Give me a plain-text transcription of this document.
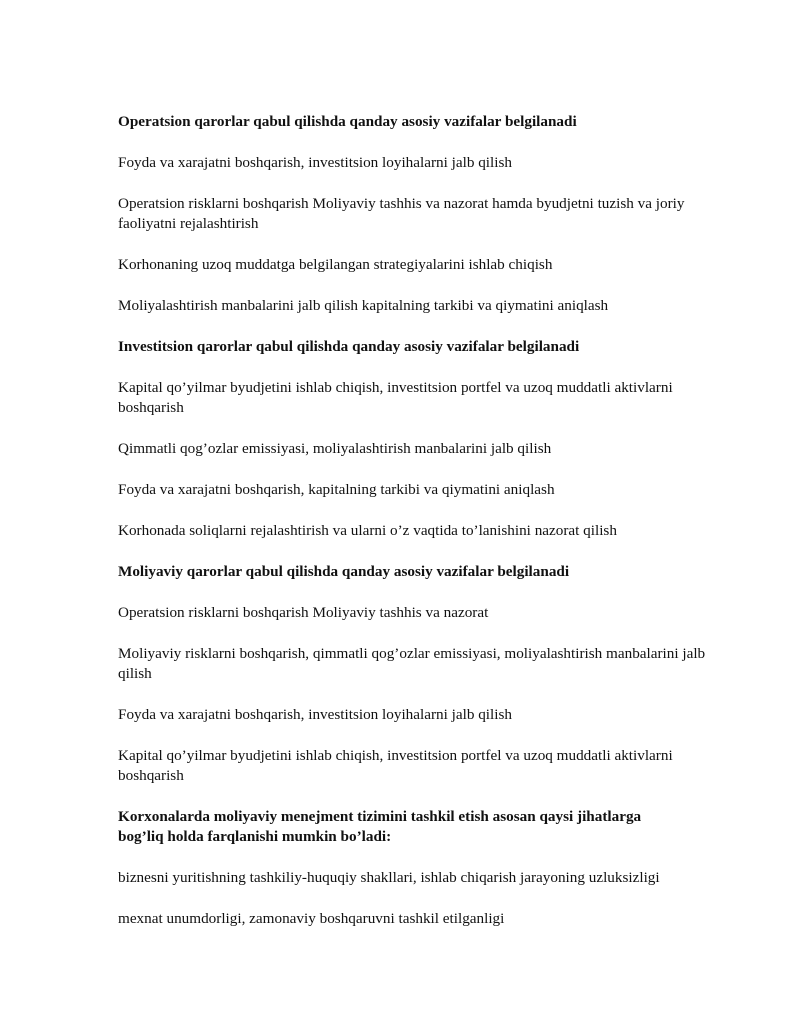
Operatsion qarorlar qabul qilishda qanday asosiy vazifalar belgilanadi

Foyda va xarajatni boshqarish, investitsion loyihalarni jalb qilish

Operatsion risklarni boshqarish Moliyaviy tashhis va nazorat hamda byudjetni tuzish va joriy faoliyatni rejalashtirish

Korhonaning uzoq muddatga belgilangan strategiyalarini ishlab chiqish

Moliyalashtirish manbalarini jalb qilish kapitalning tarkibi va qiymatini aniqlash

Investitsion qarorlar qabul qilishda qanday asosiy vazifalar belgilanadi

Kapital qo’yilmar byudjetini ishlab chiqish, investitsion portfel va uzoq muddatli aktivlarni boshqarish

Qimmatli qog’ozlar emissiyasi, moliyalashtirish manbalarini jalb qilish

Foyda va xarajatni boshqarish, kapitalning tarkibi va qiymatini aniqlash

Korhonada soliqlarni rejalashtirish va ularni o’z vaqtida to’lanishini nazorat qilish

Moliyaviy qarorlar qabul qilishda qanday asosiy vazifalar belgilanadi

Operatsion risklarni boshqarish Moliyaviy tashhis va nazorat

Moliyaviy risklarni boshqarish, qimmatli qog’ozlar emissiyasi, moliyalashtirish manbalarini jalb qilish

Foyda va xarajatni boshqarish, investitsion loyihalarni jalb qilish

Kapital qo’yilmar byudjetini ishlab chiqish, investitsion portfel va uzoq muddatli aktivlarni boshqarish

Korxonalarda moliyaviy menejment tizimini tashkil etish asosan qaysi jihatlarga bog’liq holda farqlanishi mumkin bo’ladi:

biznesni yuritishning tashkiliy-huquqiy shakllari, ishlab chiqarish jarayoning uzluksizligi

mexnat unumdorligi, zamonaviy boshqaruvni tashkil etilganligi
